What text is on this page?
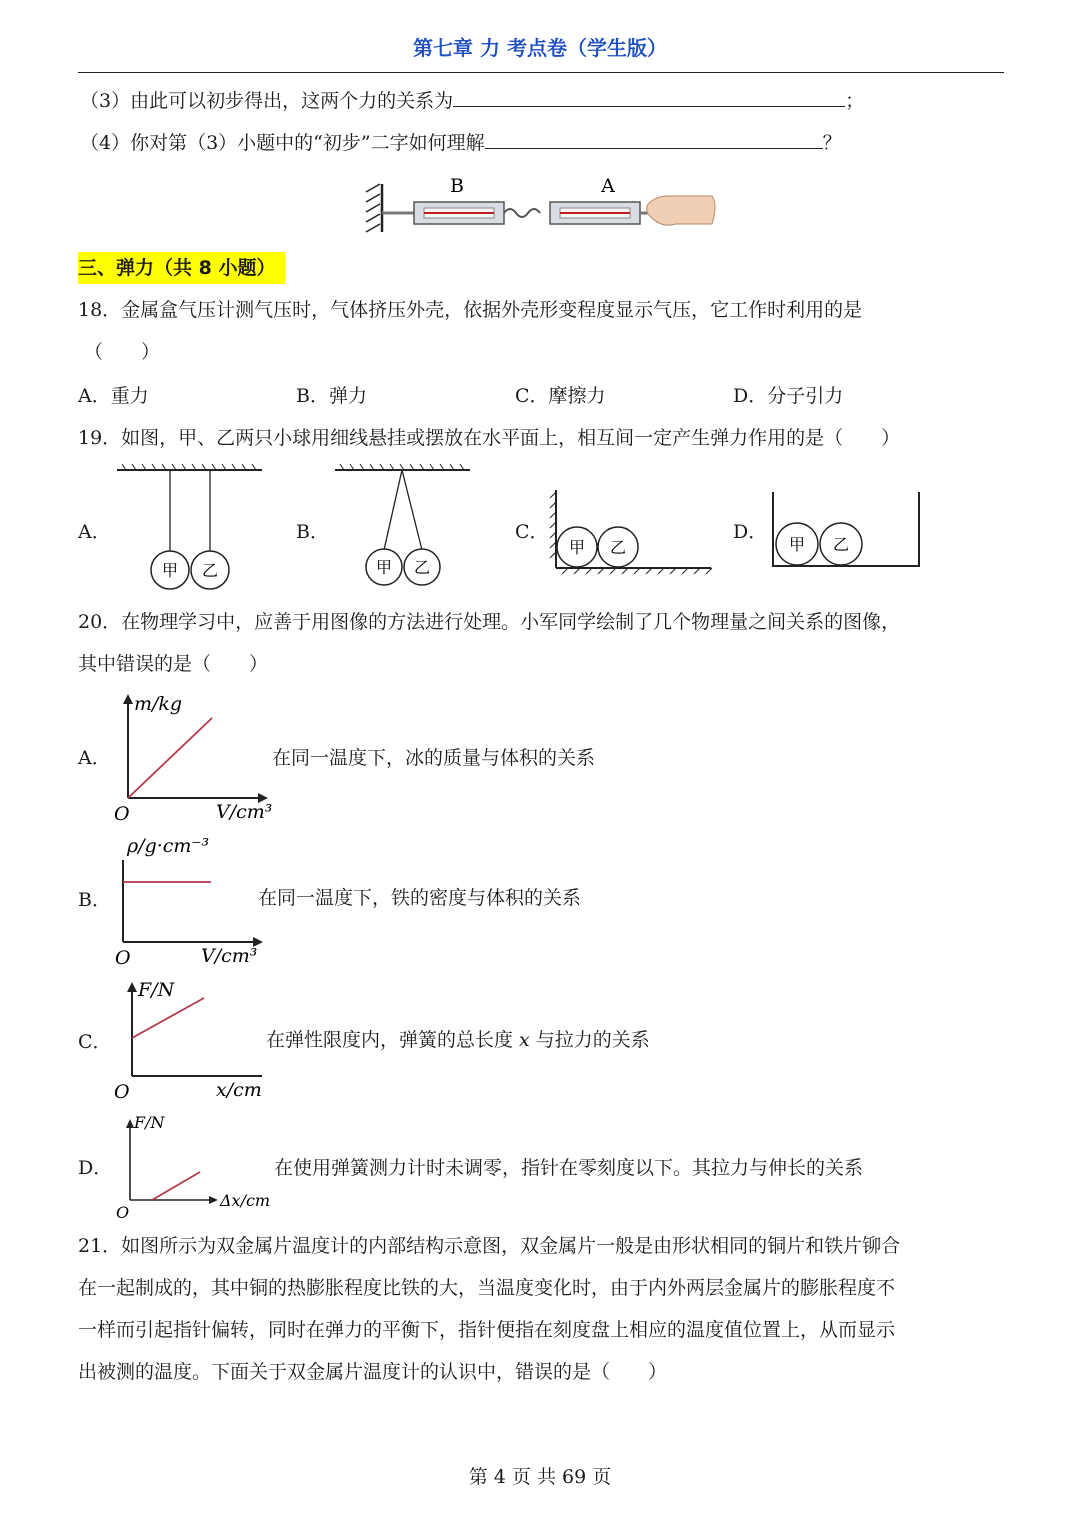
第七章 力 考点卷（学生版）
（3）由此可以初步得出，这两个力的关系为	；
（4）你对第（3）小题中的“初步”二字如何理解	？
B	A
三、弹力（共 8 小题）
18．金属盒气压计测气压时，气体挤压外壳，依据外壳形变程度显示气压，它工作时利用的是
（　　）
A．重力	B．弹力	C．摩擦力	D．分子引力
19．如图，甲、乙两只小球用细线悬挂或摆放在水平面上，相互间一定产生弹力作用的是（　　）
A．
甲 乙
B．
甲 乙
C．
甲 乙
D．
甲 乙
20．在物理学习中，应善于用图像的方法进行处理。小军同学绘制了几个物理量之间关系的图像，
其中错误的是（　　）
A．
m/kg
V/cm³
O
在同一温度下，冰的质量与体积的关系
B．
ρ/g·cm⁻³
V/cm³
O
在同一温度下，铁的密度与体积的关系
C．
F/N
x/cm
O
在弹性限度内，弹簧的总长度 x 与拉力的关系
D．
F/N
Δx/cm
O
在使用弹簧测力计时未调零，指针在零刻度以下。其拉力与伸长的关系
21．如图所示为双金属片温度计的内部结构示意图，双金属片一般是由形状相同的铜片和铁片铆合
在一起制成的，其中铜的热膨胀程度比铁的大，当温度变化时，由于内外两层金属片的膨胀程度不
一样而引起指针偏转，同时在弹力的平衡下，指针便指在刻度盘上相应的温度值位置上，从而显示
出被测的温度。下面关于双金属片温度计的认识中，错误的是（　　）
第 4 页 共 69 页
